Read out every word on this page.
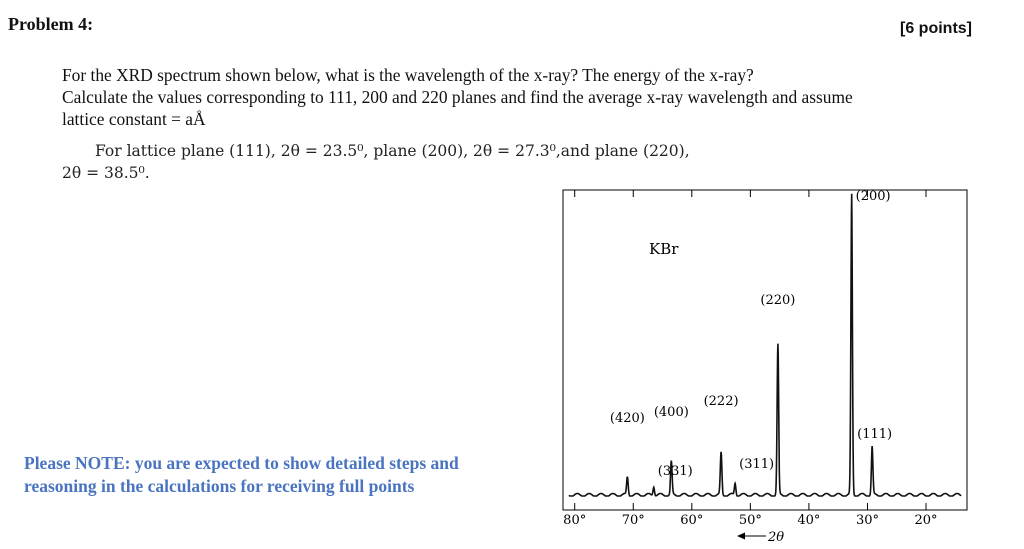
Problem 4:	[6 points]

For the XRD spectrum shown below, what is the wavelength of the x-ray? The energy of the x-ray?

Calculate the values corresponding to 111, 200 and 220 planes and find the average x-ray wavelength and assume

lattice constant = aÅ

For lattice plane (111), 2θ = 23.5⁰, plane (200), 2θ = 27.3⁰,and plane (220),
2θ = 38.5⁰.
Please NOTE: you are expected to show detailed steps and
reasoning in the calculations for receiving full points
80°	70°	60°	50°	40°	30°	20°
(420)
(331)
(400)
(222)
(311)
(220)
(200)
(111)
KBr
2θ
